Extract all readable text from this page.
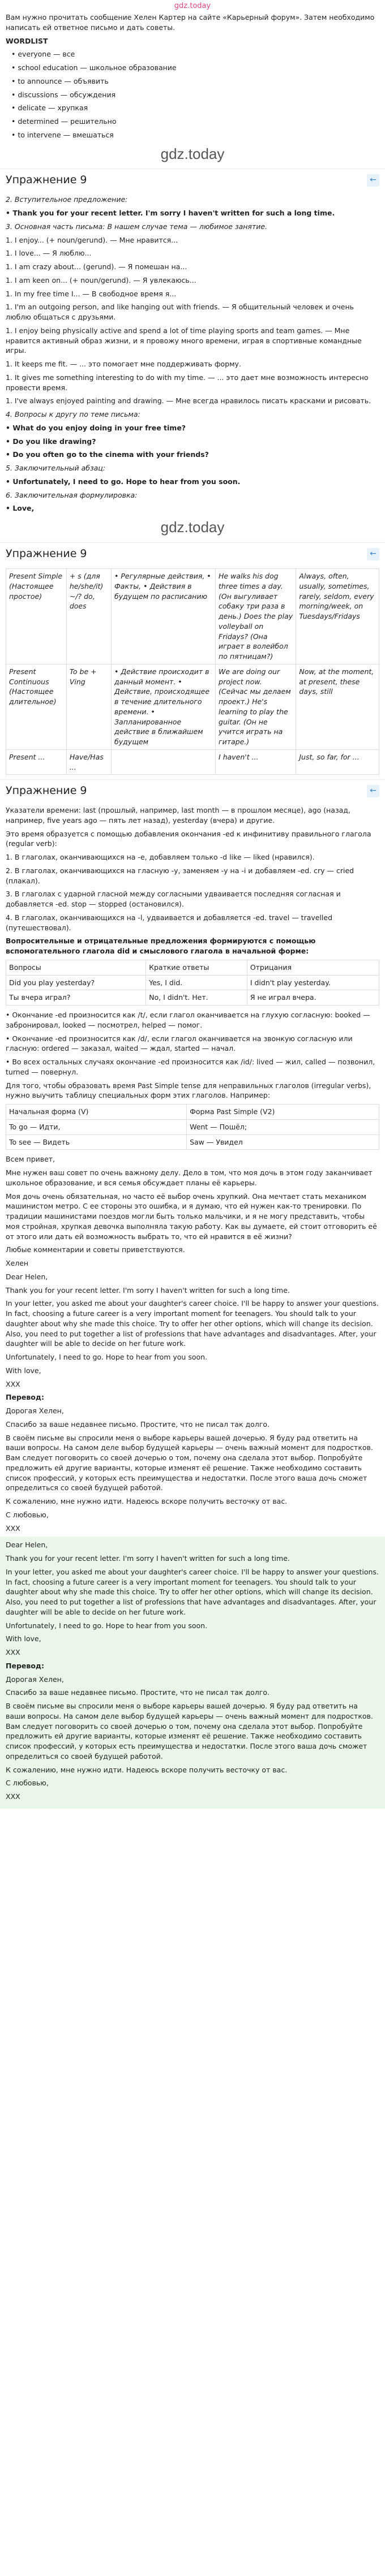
gdz.today

Вам нужно прочитать сообщение Хелен Картер на сайте «Карьерный форум». Затем необходимо написать ей ответное письмо и дать советы.

WORDLIST

• everyone — все
• school education — школьное образование
• to announce — объявить
• discussions — обсуждения
• delicate — хрупкая
• determined — решительно
• to intervene — вмешаться
gdz.today
Упражнение 9	←

2. Вступительное предложение:

• Thank you for your recent letter. I'm sorry I haven't written for such a long time.

3. Основная часть письма: В нашем случае тема — любимое занятие.

1. I enjoy... (+ noun/gerund). — Мне нравится...

1. I love... — Я люблю...

1. I am crazy about... (gerund). — Я помешан на...

1. I am keen on... (+ noun/gerund). — Я увлекаюсь...

1. In my free time I... — В свободное время я...

1. I'm an outgoing person, and like hanging out with friends. — Я общительный человек и очень люблю общаться с друзьями.

1. I enjoy being physically active and spend a lot of time playing sports and team games. — Мне нравится активный образ жизни, и я провожу много времени, играя в спортивные командные игры.

1. It keeps me fit. — ... это помогает мне поддерживать форму.

1. It gives me something interesting to do with my time. — ... это дает мне возможность интересно провести время.

1. I've always enjoyed painting and drawing. — Мне всегда нравилось писать красками и рисовать.

4. Вопросы к другу по теме письма:

• What do you enjoy doing in your free time?

• Do you like drawing?

• Do you often go to the cinema with your friends?

5. Заключительный абзац:

• Unfortunately, I need to go. Hope to hear from you soon.

6. Заключительная формулировка:

• Love,

gdz.today
Упражнение 9	←
Present Simple (Настоящее простое)	+ s (для he/she/it) ~/? do, does	• Регулярные действия, • Факты, • Действия в будущем по расписанию	He walks his dog three times a day. (Он выгуливает собаку три раза в день.) Does the play volleyball on Fridays? (Она играет в волейбол по пятницам?)	Always, often, usually, sometimes, rarely, seldom, every morning/week, on Tuesdays/Fridays
Present Continuous (Настоящее длительное)	To be + Ving	• Действие происходит в данный момент. • Действие, происходящее в течение длительного времени. • Запланированное действие в ближайшем будущем	We are doing our project now. (Сейчас мы делаем проект.) He's learning to play the guitar. (Он не учится играть на гитаре.)	Now, at the moment, at present, these days, still
Present ...	Have/Has ...		I haven't ...	Just, so far, for ...
Упражнение 9	←

Указатели времени: last (прошлый, например, last month — в прошлом месяце), ago (назад, например, five years ago — пять лет назад), yesterday (вчера) и другие.

Это время образуется с помощью добавления окончания -ed к инфинитиву правильного глагола (regular verb):

1. В глаголах, оканчивающихся на -e, добавляем только -d like — liked (нравился).

2. В глаголах, оканчивающихся на гласную -y, заменяем -y на -i и добавляем -ed. cry — cried (плакал).

3. В глаголах с ударной гласной между согласными удваивается последняя согласная и добавляется -ed. stop — stopped (остановился).

4. В глаголах, оканчивающихся на -l, удваивается и добавляется -ed. travel — travelled (путешествовал).

Вопросительные и отрицательные предложения формируются с помощью вспомогательного глагола did и смыслового глагола в начальной форме:

Вопросы	Краткие ответы	Отрицания
Did you play yesterday?	Yes, I did.	I didn't play yesterday.
Ты вчера играл?	No, I didn't. Нет.	Я не играл вчера.

• Окончание -ed произносится как /t/, если глагол оканчивается на глухую согласную: booked — забронировал, looked — посмотрел, helped — помог.

• Окончание -ed произносится как /d/, если глагол оканчивается на звонкую согласную или гласную: ordered — заказал, waited — ждал, started — начал.

• Во всех остальных случаях окончание -ed произносится как /id/: lived — жил, called — позвонил, turned — повернул.

Для того, чтобы образовать время Past Simple tense для неправильных глаголов (irregular verbs), нужно выучить таблицу специальных форм этих глаголов. Например:

Начальная форма (V)	Форма Past Simple (V2)
To go — Идти,	Went — Пошёл;
To see — Видеть	Saw — Увидел

Всем привет,

Мне нужен ваш совет по очень важному делу. Дело в том, что моя дочь в этом году заканчивает школьное образование, и вся семья обсуждает планы её карьеры.

Моя дочь очень обязательная, но часто её выбор очень хрупкий. Она мечтает стать механиком машинистом метро. С ее стороны это ошибка, и я думаю, что ей нужен как-то тренировки. По традиции машинистами поездов могли быть только мальчики, и я не могу представить, чтобы моя стройная, хрупкая девочка выполняла такую работу. Как вы думаете, ей стоит отговорить её от этого или дать ей возможность выбрать то, что ей нравится в её жизни?

Любые комментарии и советы приветствуются.

Хелен

Dear Helen,

Thank you for your recent letter. I'm sorry I haven't written for such a long time.

In your letter, you asked me about your daughter's career choice. I'll be happy to answer your questions. In fact, choosing a future career is a very important moment for teenagers. You should talk to your daughter about why she made this choice. Try to offer her other options, which will change its decision. Also, you need to put together a list of professions that have advantages and disadvantages. After, your daughter will be able to decide on her future work.

Unfortunately, I need to go. Hope to hear from you soon.

With love,

XXX

Перевод:

Дорогая Хелен,

Спасибо за ваше недавнее письмо. Простите, что не писал так долго.

В своём письме вы спросили меня о выборе карьеры вашей дочерью. Я буду рад ответить на ваши вопросы. На самом деле выбор будущей карьеры — очень важный момент для подростков. Вам следует поговорить со своей дочерью о том, почему она сделала этот выбор. Попробуйте предложить ей другие варианты, которые изменят её решение. Также необходимо составить список профессий, у которых есть преимущества и недостатки. После этого ваша дочь сможет определиться со своей будущей работой.

К сожалению, мне нужно идти. Надеюсь вскоре получить весточку от вас.

С любовью,

XXX

Dear Helen,

Thank you for your recent letter. I'm sorry I haven't written for such a long time.

In your letter, you asked me about your daughter's career choice. I'll be happy to answer your questions. In fact, choosing a future career is a very important moment for teenagers. You should talk to your daughter about why she made this choice. Try to offer her other options, which will change its decision. Also, you need to put together a list of professions that have advantages and disadvantages. After, your daughter will be able to decide on her future work.

Unfortunately, I need to go. Hope to hear from you soon.

With love,

XXX

Перевод:

Дорогая Хелен,

Спасибо за ваше недавнее письмо. Простите, что не писал так долго.

В своём письме вы спросили меня о выборе карьеры вашей дочерью. Я буду рад ответить на ваши вопросы. На самом деле выбор будущей карьеры — очень важный момент для подростков. Вам следует поговорить со своей дочерью о том, почему она сделала этот выбор. Попробуйте предложить ей другие варианты, которые изменят её решение. Также необходимо составить список профессий, у которых есть преимущества и недостатки. После этого ваша дочь сможет определиться со своей будущей работой.

К сожалению, мне нужно идти. Надеюсь вскоре получить весточку от вас.

С любовью,

XXX
